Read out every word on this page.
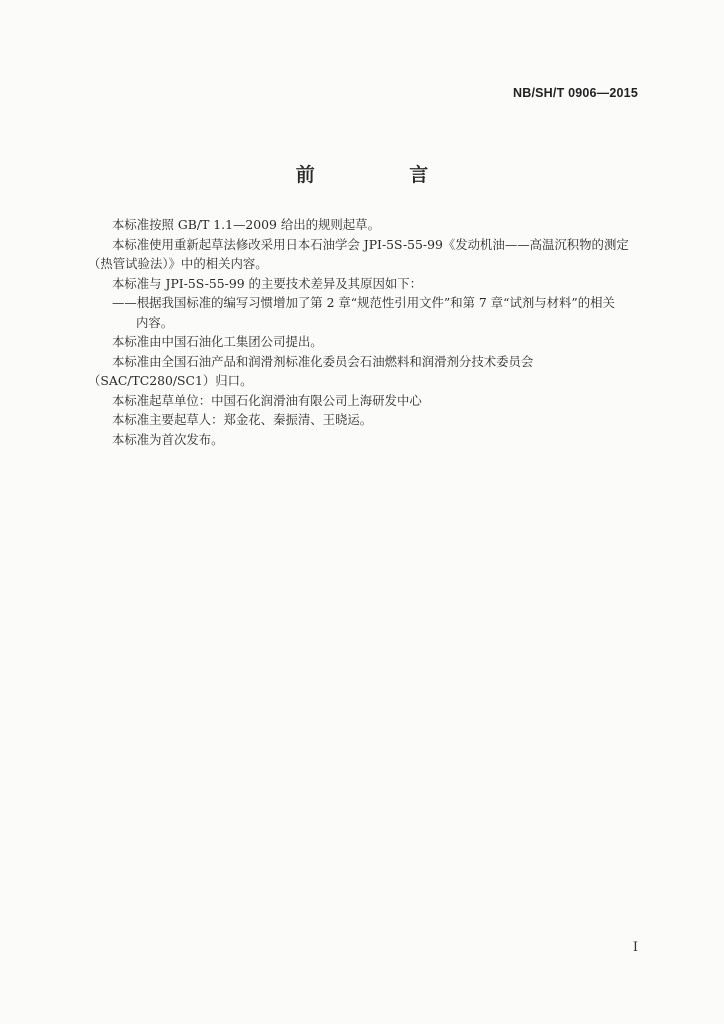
NB/SH/T 0906—2015
前 言

本标准按照 GB/T 1.1—2009 给出的规则起草。

本标准使用重新起草法修改采用日本石油学会 JPI-5S-55-99《发动机油——高温沉积物的测定（热管试验法）》中的相关内容。

本标准与 JPI-5S-55-99 的主要技术差异及其原因如下：

——根据我国标准的编写习惯增加了第 2 章“规范性引用文件”和第 7 章“试剂与材料”的相关

内容。

本标准由中国石油化工集团公司提出。

本标准由全国石油产品和润滑剂标准化委员会石油燃料和润滑剂分技术委员会（SAC/TC280/SC1）归口。

本标准起草单位：中国石化润滑油有限公司上海研发中心

本标准主要起草人：郑金花、秦振清、王晓运。

本标准为首次发布。

I
